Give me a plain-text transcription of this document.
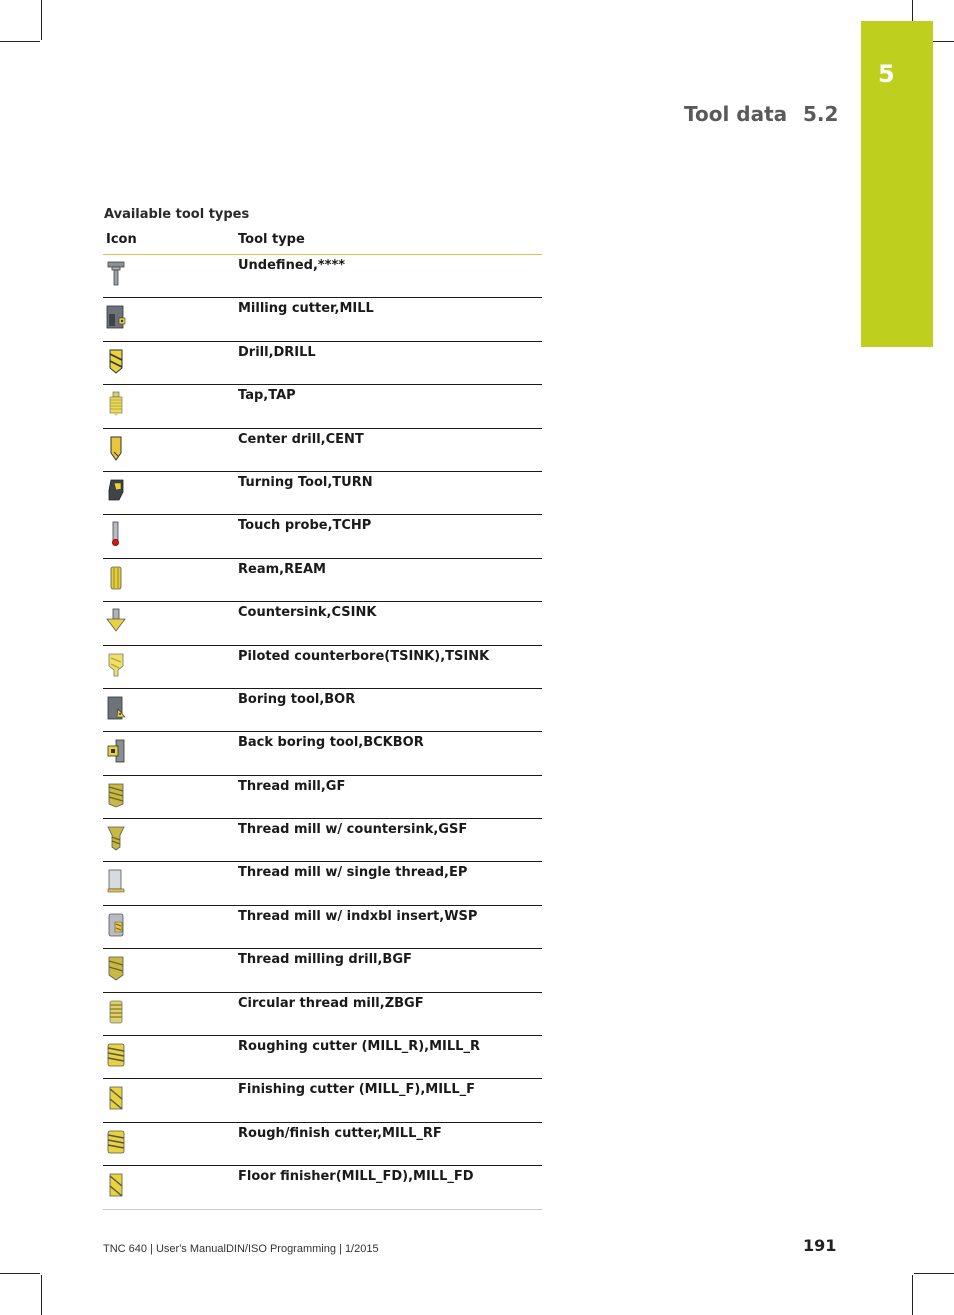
5
Tool data 5.2
Available tool types
Icon	Tool type
Undefined,****
Milling cutter,MILL
Drill,DRILL
Tap,TAP
Center drill,CENT
Turning Tool,TURN
Touch probe,TCHP
Ream,REAM
Countersink,CSINK
Piloted counterbore(TSINK),TSINK
Boring tool,BOR
Back boring tool,BCKBOR
Thread mill,GF
Thread mill w/ countersink,GSF
Thread mill w/ single thread,EP
Thread mill w/ indxbl insert,WSP
Thread milling drill,BGF
Circular thread mill,ZBGF
Roughing cutter (MILL_R),MILL_R
Finishing cutter (MILL_F),MILL_F
Rough/finish cutter,MILL_RF
Floor finisher(MILL_FD),MILL_FD
TNC 640 | User's ManualDIN/ISO Programming | 1/2015	191
